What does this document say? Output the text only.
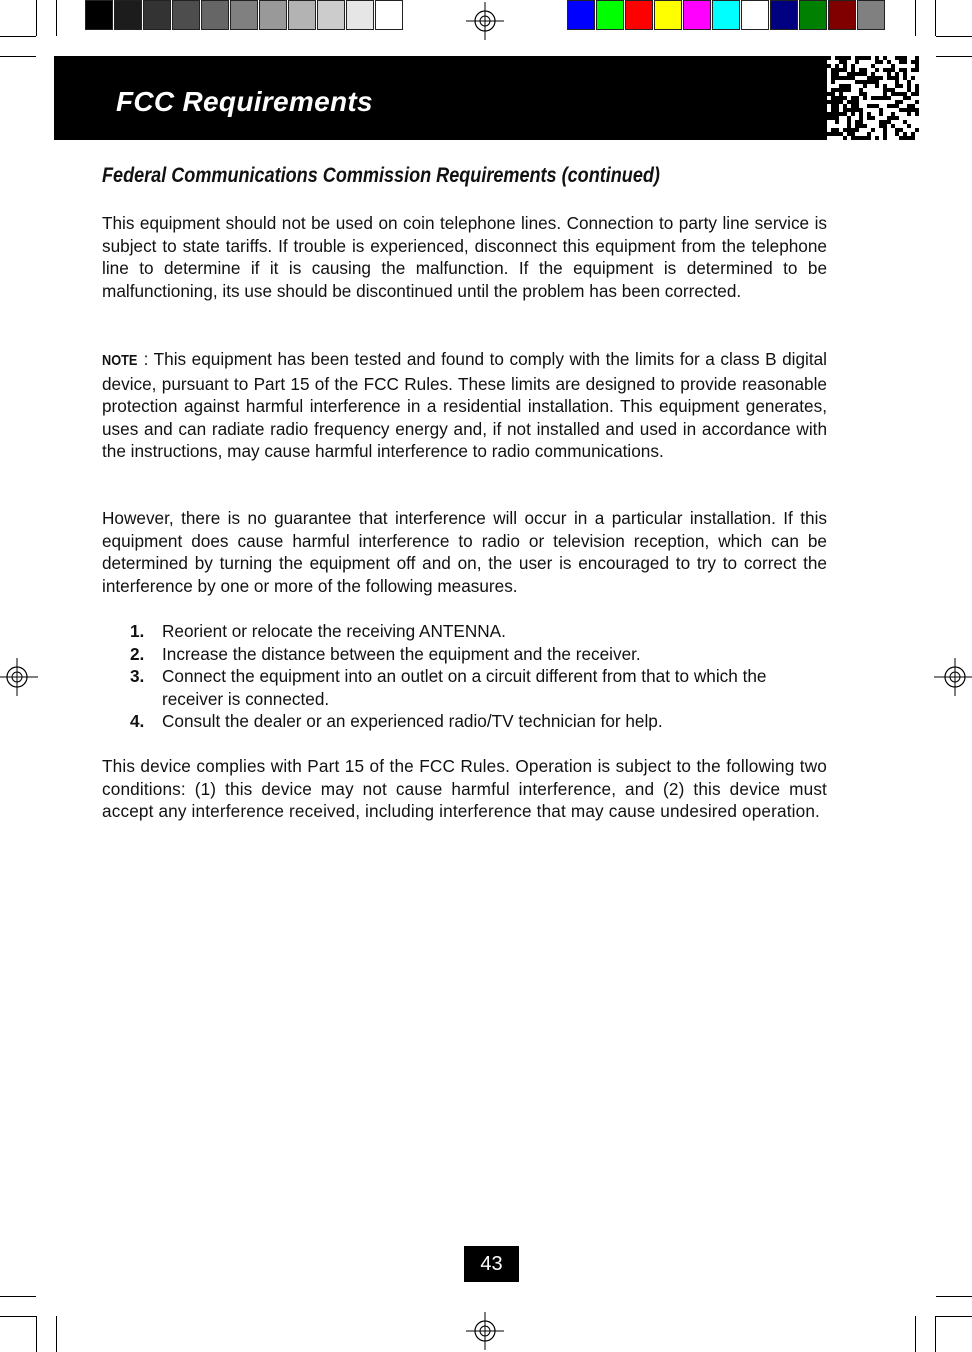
FCC Requirements
Federal Communications Commission Requirements (continued)

This equipment should not be used on coin telephone lines. Connection to party line service is subject to state tariffs. If trouble is experienced, disconnect this equipment from the telephone line to determine if it is causing the malfunction. If the equipment is determined to be malfunctioning, its use should be discontinued until the problem has been corrected.

NOTE : This equipment has been tested and found to comply with the limits for a class B digital device, pursuant to Part 15 of the FCC Rules. These limits are designed to provide reasonable protection against harmful interference in a residential installation. This equipment generates, uses and can radiate radio frequency energy and, if not installed and used in accordance with the instructions, may cause harmful interference to radio communications.

However, there is no guarantee that interference will occur in a particular installation. If this equipment does cause harmful interference to radio or television reception, which can be determined by turning the equipment off and on, the user is encouraged to try to correct the interference by one or more of the following measures.

1. Reorient or relocate the receiving ANTENNA.
2. Increase the distance between the equipment and the receiver.
3. Connect the equipment into an outlet on a circuit different from that to which the receiver is connected.
4. Consult the dealer or an experienced radio/TV technician for help.

This device complies with Part 15 of the FCC Rules. Operation is subject to the following two conditions: (1) this device may not cause harmful interference, and (2) this device must accept any interference received, including interference that may cause undesired operation.

43
